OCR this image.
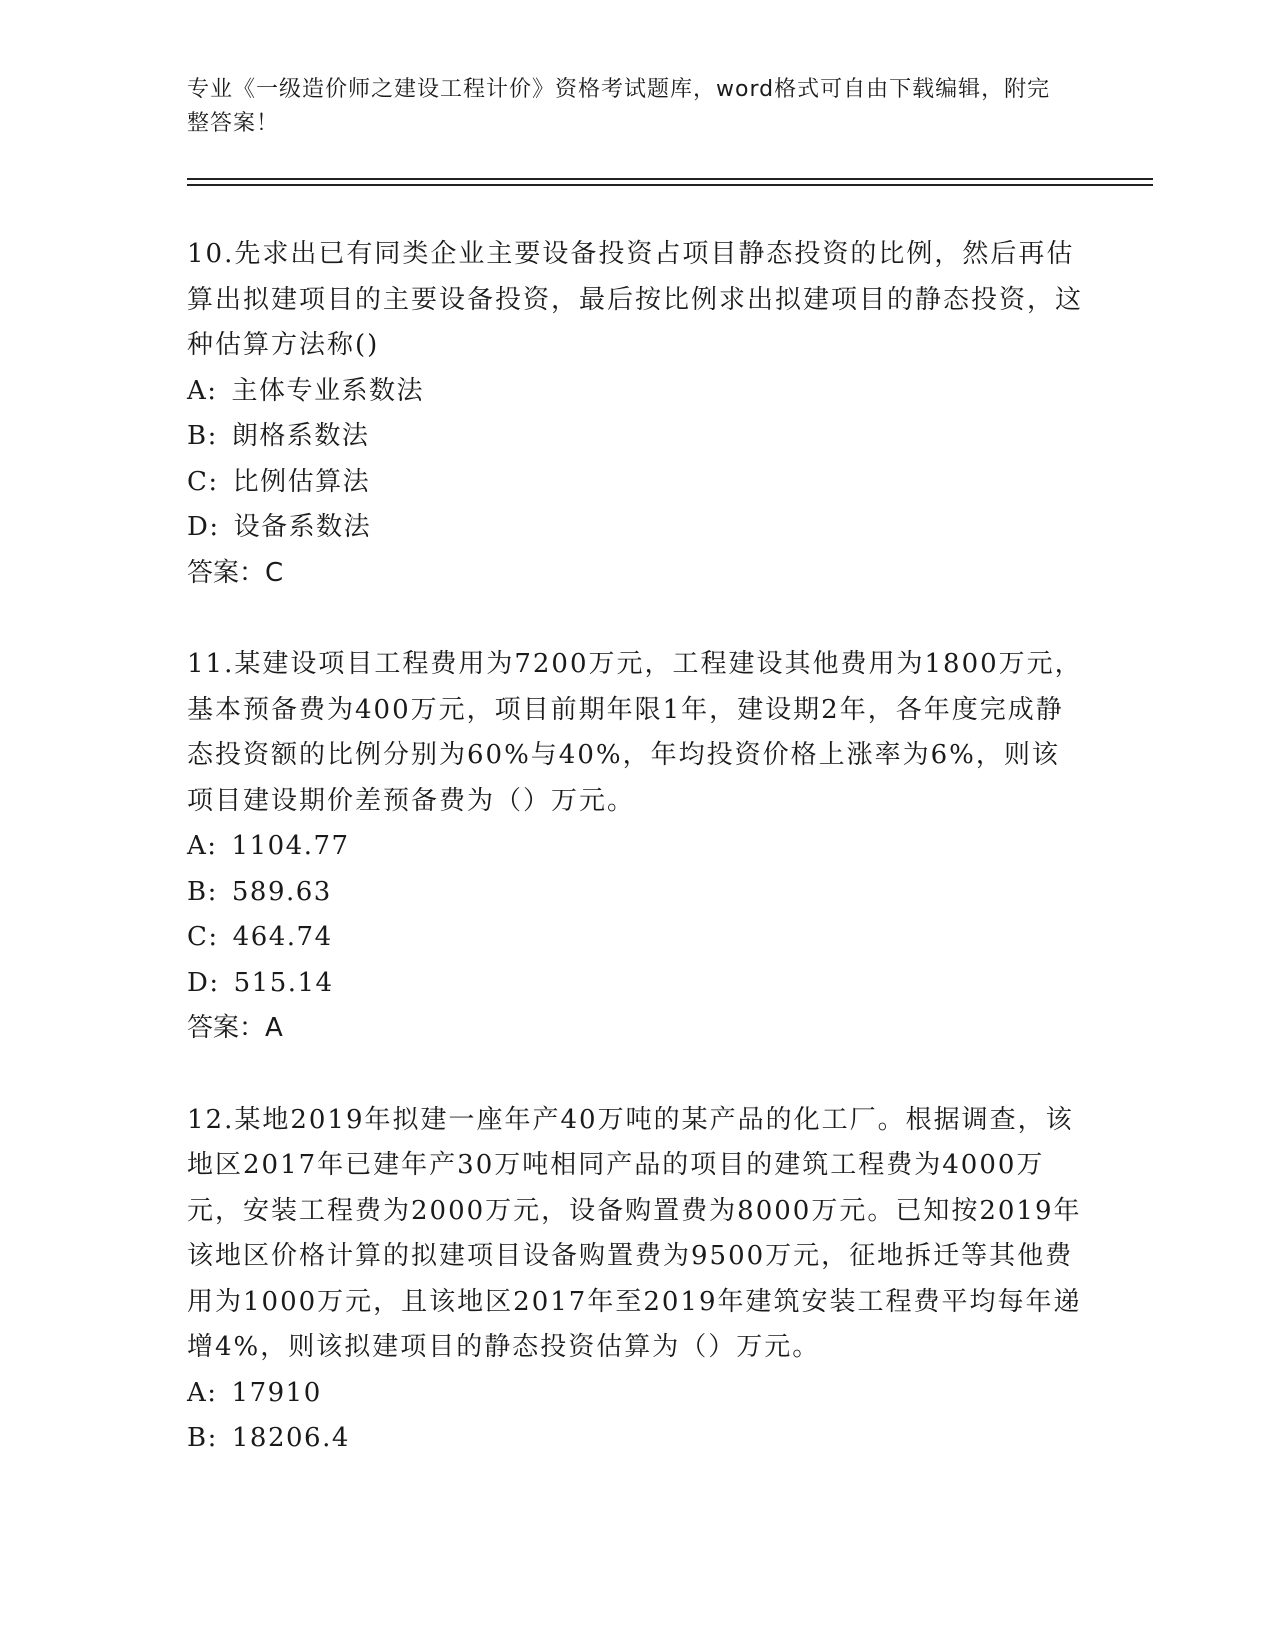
专业《一级造价师之建设工程计价》资格考试题库，word格式可自由下载编辑，附完整答案！

10.先求出已有同类企业主要设备投资占项目静态投资的比例，然后再估算出拟建项目的主要设备投资，最后按比例求出拟建项目的静态投资，这种估算方法称()

A: 主体专业系数法

B: 朗格系数法

C: 比例估算法

D: 设备系数法

答案：C

11.某建设项目工程费用为7200万元，工程建设其他费用为1800万元，基本预备费为400万元，项目前期年限1年，建设期2年，各年度完成静态投资额的比例分别为60%与40%，年均投资价格上涨率为6%，则该项目建设期价差预备费为（）万元。

A: 1104.77

B: 589.63

C: 464.74

D: 515.14

答案：A

12.某地2019年拟建一座年产40万吨的某产品的化工厂。根据调查，该地区2017年已建年产30万吨相同产品的项目的建筑工程费为4000万元，安装工程费为2000万元，设备购置费为8000万元。已知按2019年该地区价格计算的拟建项目设备购置费为9500万元，征地拆迁等其他费用为1000万元，且该地区2017年至2019年建筑安装工程费平均每年递增4%，则该拟建项目的静态投资估算为（）万元。

A: 17910

B: 18206.4
